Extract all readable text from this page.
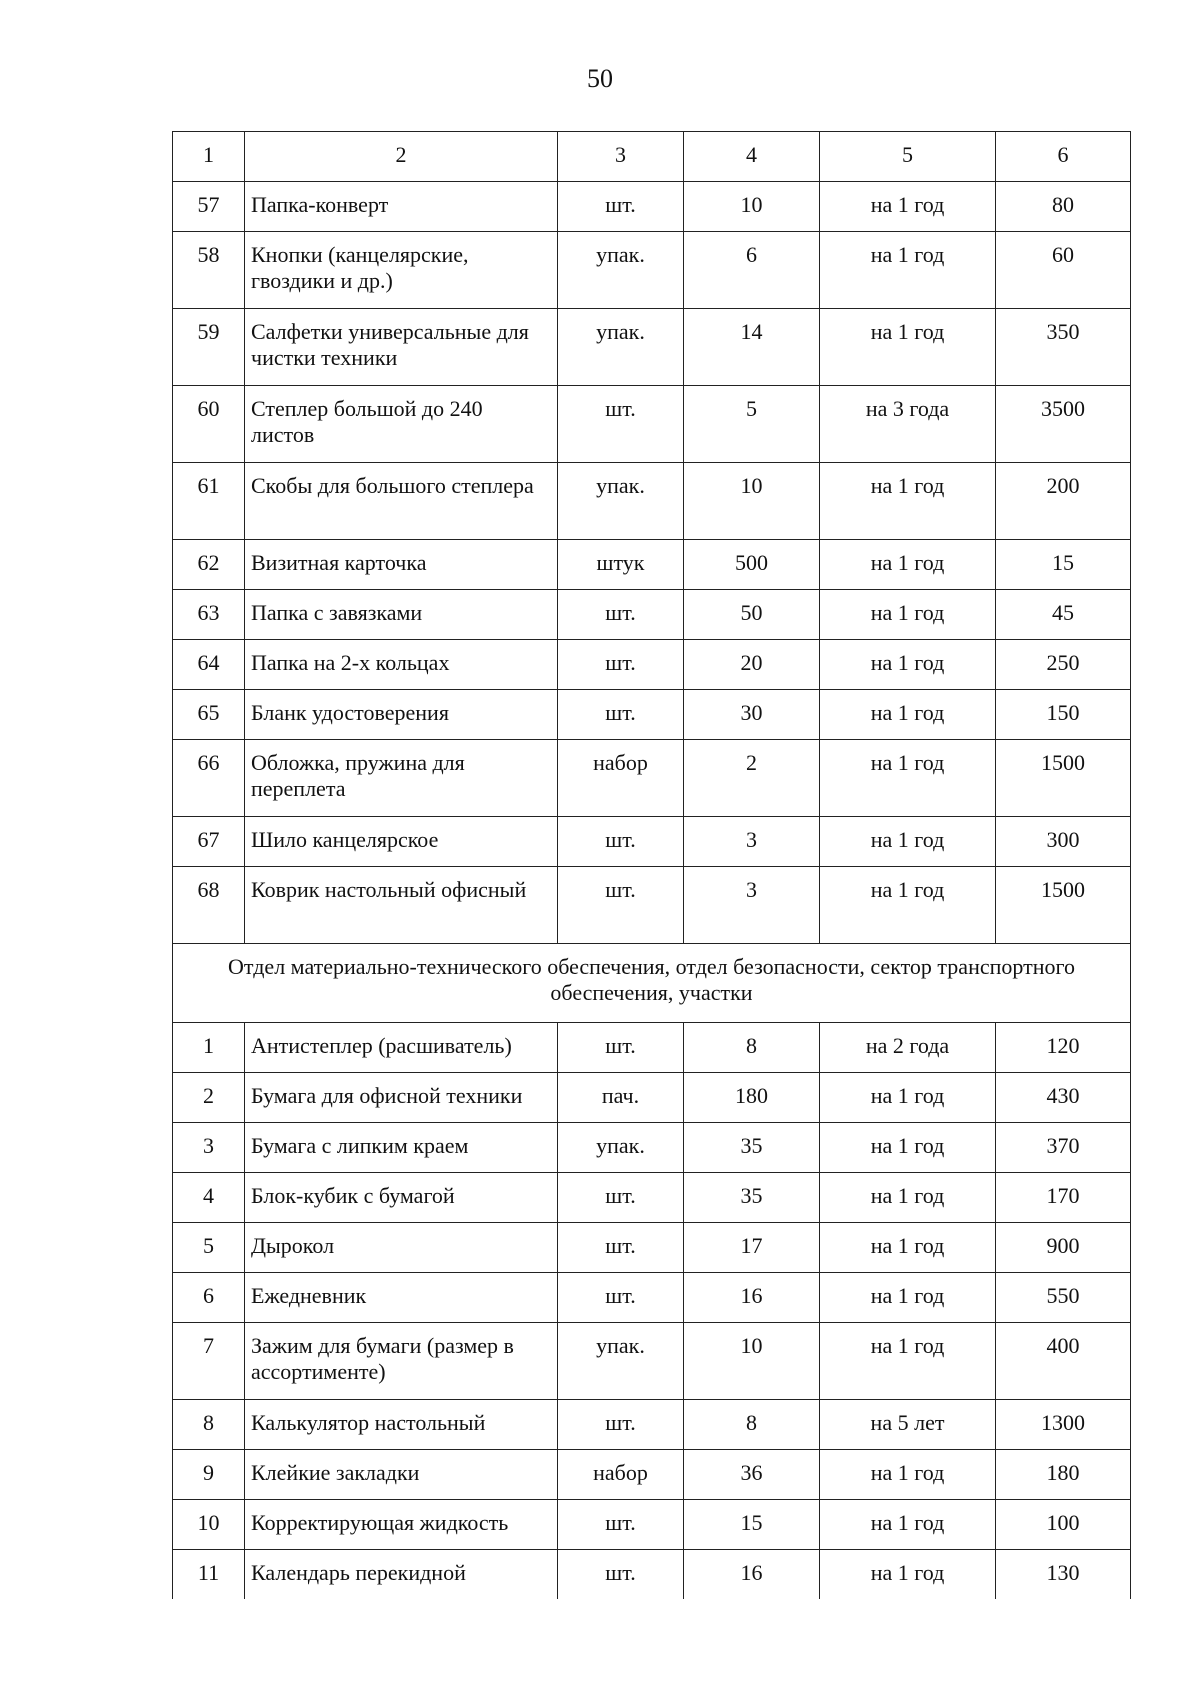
50
1	2	3	4	5	6
57	Папка-конверт	шт.	10	на 1 год	80
58	Кнопки (канцелярские, гвоздики и др.)	упак.	6	на 1 год	60
59	Салфетки универсальные для чистки техники	упак.	14	на 1 год	350
60	Степлер большой до 240 листов	шт.	5	на 3 года	3500
61	Скобы для большого степлера	упак.	10	на 1 год	200
62	Визитная карточка	штук	500	на 1 год	15
63	Папка с завязками	шт.	50	на 1 год	45
64	Папка на 2-х кольцах	шт.	20	на 1 год	250
65	Бланк удостоверения	шт.	30	на 1 год	150
66	Обложка, пружина для переплета	набор	2	на 1 год	1500
67	Шило канцелярское	шт.	3	на 1 год	300
68	Коврик настольный офисный	шт.	3	на 1 год	1500
Отдел материально-технического обеспечения, отдел безопасности, сектор транспортного обеспечения, участки					
1	Антистеплер (расшиватель)	шт.	8	на 2 года	120
2	Бумага для офисной техники	пач.	180	на 1 год	430
3	Бумага с липким краем	упак.	35	на 1 год	370
4	Блок-кубик с бумагой	шт.	35	на 1 год	170
5	Дырокол	шт.	17	на 1 год	900
6	Ежедневник	шт.	16	на 1 год	550
7	Зажим для бумаги (размер в ассортименте)	упак.	10	на 1 год	400
8	Калькулятор настольный	шт.	8	на 5 лет	1300
9	Клейкие закладки	набор	36	на 1 год	180
10	Корректирующая жидкость	шт.	15	на 1 год	100
11	Календарь перекидной	шт.	16	на 1 год	130
